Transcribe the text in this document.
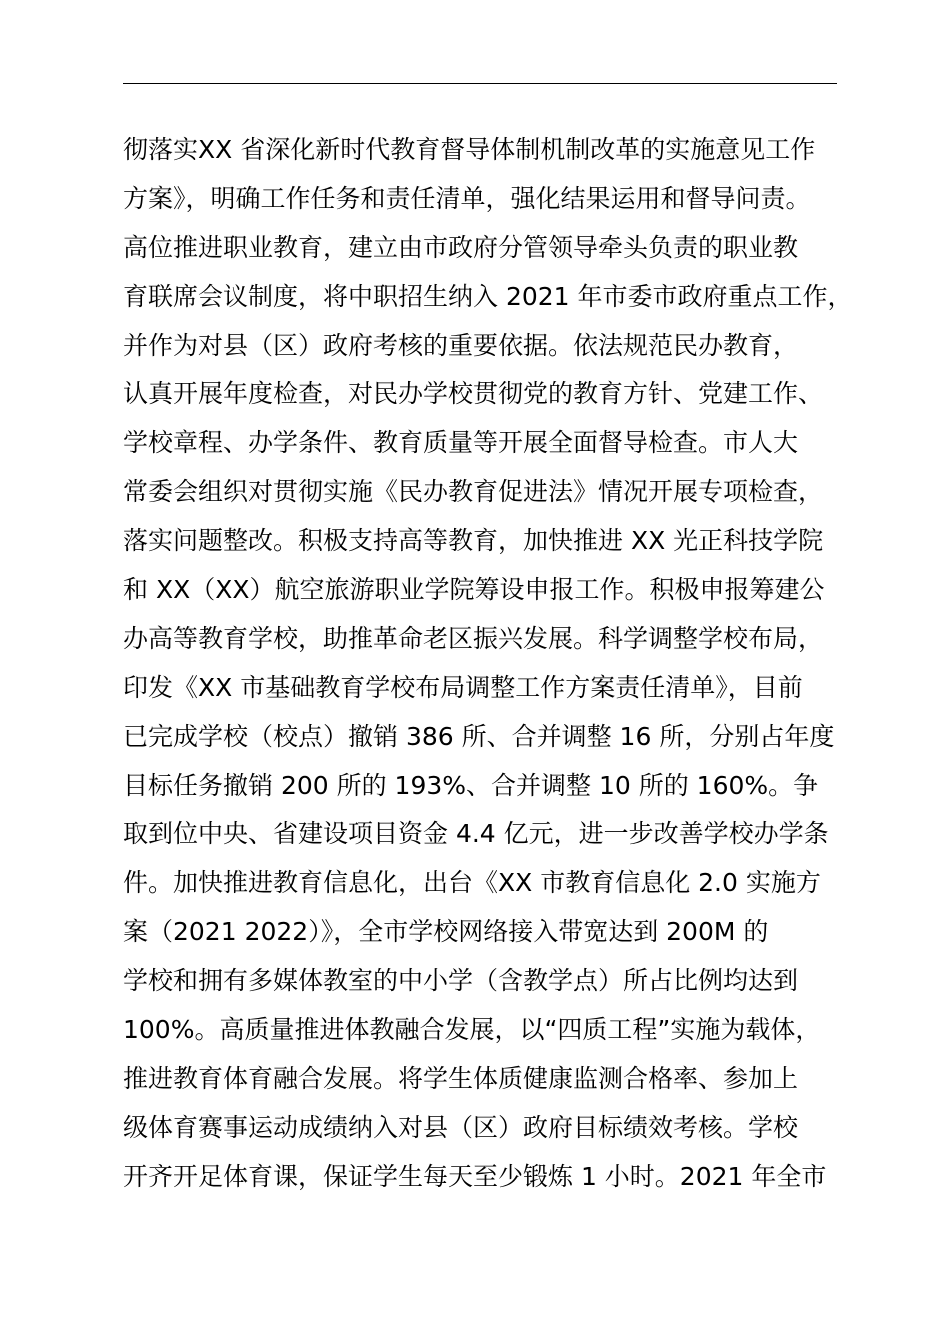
彻落实XX 省深化新时代教育督导体制机制改革的实施意见工作
方案》，明确工作任务和责任清单，强化结果运用和督导问责。
高位推进职业教育，建立由市政府分管领导牵头负责的职业教
育联席会议制度，将中职招生纳入 2021 年市委市政府重点工作，
并作为对县（区）政府考核的重要依据。依法规范民办教育，
认真开展年度检查，对民办学校贯彻党的教育方针、党建工作、
学校章程、办学条件、教育质量等开展全面督导检查。市人大
常委会组织对贯彻实施《民办教育促进法》情况开展专项检查，
落实问题整改。积极支持高等教育，加快推进 XX 光正科技学院
和 XX（XX）航空旅游职业学院筹设申报工作。积极申报筹建公
办高等教育学校，助推革命老区振兴发展。科学调整学校布局，
印发《XX 市基础教育学校布局调整工作方案责任清单》，目前
已完成学校（校点）撤销 386 所、合并调整 16 所，分别占年度
目标任务撤销 200 所的 193%、合并调整 10 所的 160%。争
取到位中央、省建设项目资金 4.4 亿元，进一步改善学校办学条
件。加快推进教育信息化，出台《XX 市教育信息化 2.0 实施方
案（2021 2022）》，全市学校网络接入带宽达到 200M 的
学校和拥有多媒体教室的中小学（含教学点）所占比例均达到
100%。高质量推进体教融合发展，以“四质工程”实施为载体，
推进教育体育融合发展。将学生体质健康监测合格率、参加上
级体育赛事运动成绩纳入对县（区）政府目标绩效考核。学校
开齐开足体育课，保证学生每天至少锻炼 1 小时。2021 年全市
